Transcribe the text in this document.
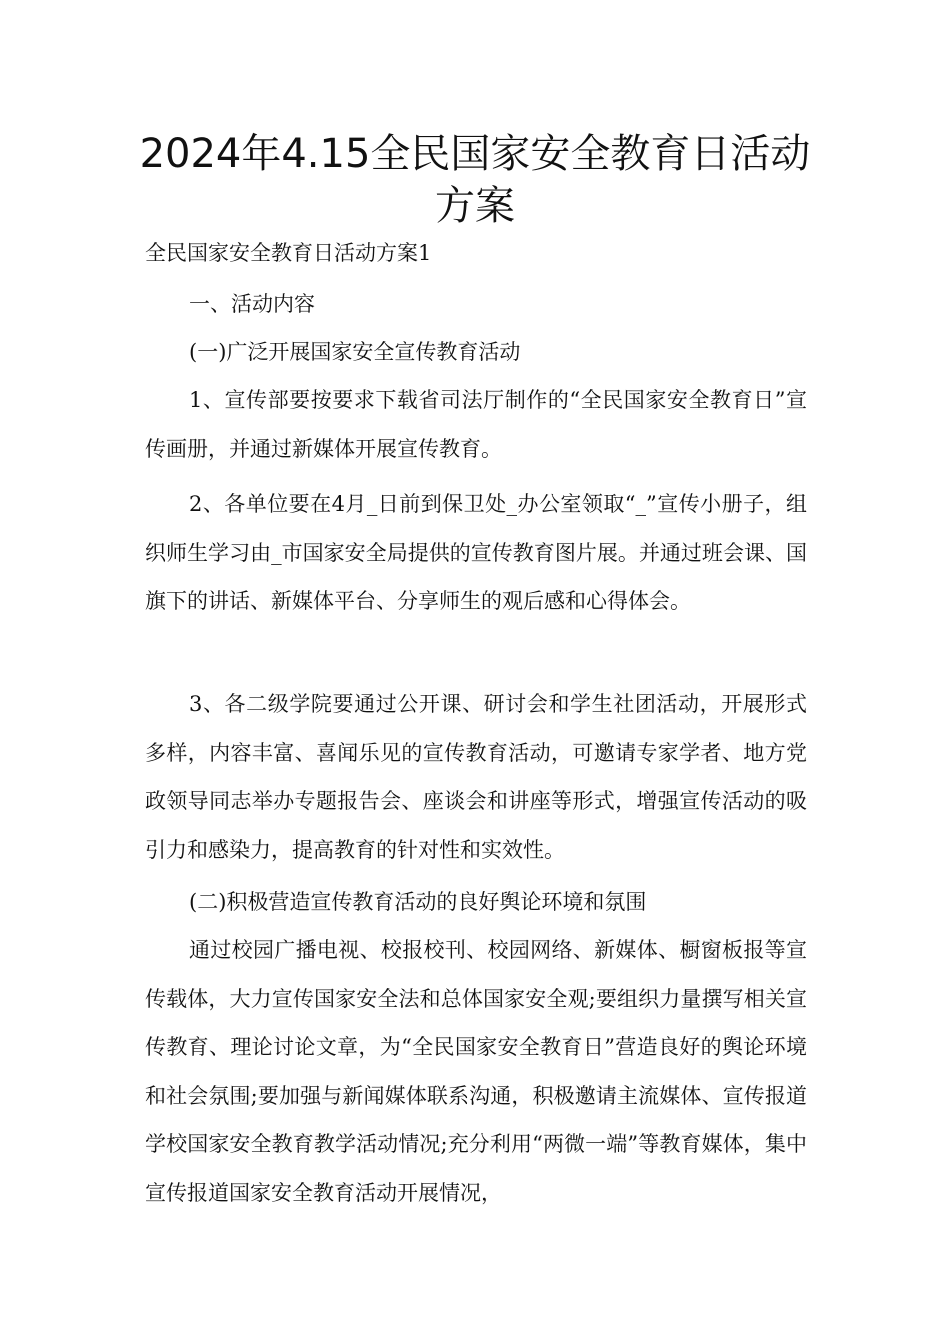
2024年4.15全民国家安全教育日活动
方案
全民国家安全教育日活动方案1
一、活动内容
(一)广泛开展国家安全宣传教育活动
1、宣传部要按要求下载省司法厅制作的“全民国家安全教育日”宣传画册，并通过新媒体开展宣传教育。
2、各单位要在4月_日前到保卫处_办公室领取“_”宣传小册子，组织师生学习由_市国家安全局提供的宣传教育图片展。并通过班会课、国旗下的讲话、新媒体平台、分享师生的观后感和心得体会。
3、各二级学院要通过公开课、研讨会和学生社团活动，开展形式多样，内容丰富、喜闻乐见的宣传教育活动，可邀请专家学者、地方党政领导同志举办专题报告会、座谈会和讲座等形式，增强宣传活动的吸引力和感染力，提高教育的针对性和实效性。
(二)积极营造宣传教育活动的良好舆论环境和氛围
通过校园广播电视、校报校刊、校园网络、新媒体、橱窗板报等宣传载体，大力宣传国家安全法和总体国家安全观;要组织力量撰写相关宣传教育、理论讨论文章，为“全民国家安全教育日”营造良好的舆论环境和社会氛围;要加强与新闻媒体联系沟通，积极邀请主流媒体、宣传报道学校国家安全教育教学活动情况;充分利用“两微一端”等教育媒体，集中宣传报道国家安全教育活动开展情况，
